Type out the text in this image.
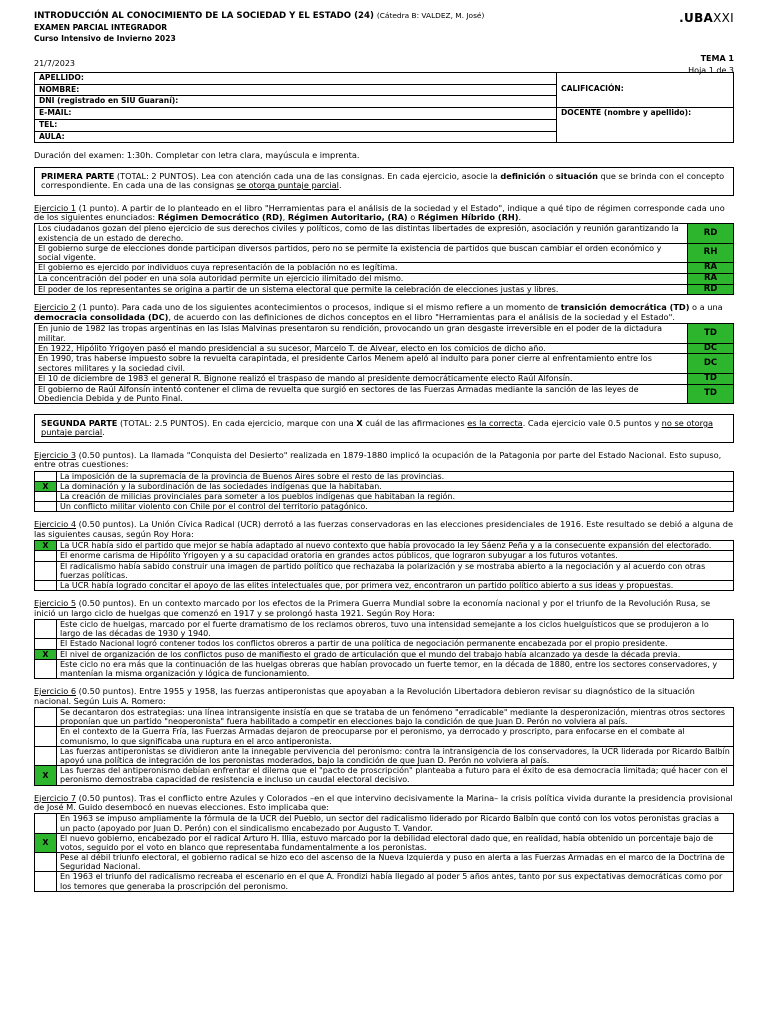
INTRODUCCIÓN AL CONOCIMIENTO DE LA SOCIEDAD Y EL ESTADO (24) (Cátedra B: VALDEZ, M. José)
EXAMEN PARCIAL INTEGRADOR
Curso Intensivo de Invierno 2023
21/7/2023
.UBAXXI
TEMA 1
Hoja 1 de 3
APELLIDO:	CALIFICACIÓN:
NOMBRE:	
DNI (registrado en SIU Guaraní):	
E-MAIL:	DOCENTE (nombre y apellido):
TEL:	
AULA:	
Duración del examen: 1:30h. Completar con letra clara, mayúscula e imprenta.
PRIMERA PARTE (TOTAL: 2 PUNTOS). Lea con atención cada una de las consignas. En cada ejercicio, asocie la definición o situación que se brinda con el concepto correspondiente. En cada una de las consignas se otorga puntaje parcial.
Ejercicio 1 (1 punto). A partir de lo planteado en el libro "Herramientas para el análisis de la sociedad y el Estado", indique a qué tipo de régimen corresponde cada uno de los siguientes enunciados: Régimen Democrático (RD), Régimen Autoritario, (RA) o Régimen Híbrido (RH).
Los ciudadanos gozan del pleno ejercicio de sus derechos civiles y políticos, como de las distintas libertades de expresión, asociación y reunión garantizando la existencia de un estado de derecho.	RD
El gobierno surge de elecciones donde participan diversos partidos, pero no se permite la existencia de partidos que buscan cambiar el orden económico y social vigente.	RH
El gobierno es ejercido por individuos cuya representación de la población no es legítima.	RA
La concentración del poder en una sola autoridad permite un ejercicio ilimitado del mismo.	RA
El poder de los representantes se origina a partir de un sistema electoral que permite la celebración de elecciones justas y libres.	RD
Ejercicio 2 (1 punto). Para cada uno de los siguientes acontecimientos o procesos, indique si el mismo refiere a un momento de transición democrática (TD) o a una democracia consolidada (DC), de acuerdo con las definiciones de dichos conceptos en el libro "Herramientas para el análisis de la sociedad y el Estado".
En junio de 1982 las tropas argentinas en las Islas Malvinas presentaron su rendición, provocando un gran desgaste irreversible en el poder de la dictadura militar.	TD
En 1922, Hipólito Yrigoyen pasó el mando presidencial a su sucesor, Marcelo T. de Alvear, electo en los comicios de dicho año.	DC
En 1990, tras haberse impuesto sobre la revuelta carapintada, el presidente Carlos Menem apeló al indulto para poner cierre al enfrentamiento entre los sectores militares y la sociedad civil.	DC
El 10 de diciembre de 1983 el general R. Bignone realizó el traspaso de mando al presidente democráticamente electo Raúl Alfonsín.	TD
El gobierno de Raúl Alfonsín intentó contener el clima de revuelta que surgió en sectores de las Fuerzas Armadas mediante la sanción de las leyes de Obediencia Debida y de Punto Final.	TD
SEGUNDA PARTE (TOTAL: 2.5 PUNTOS). En cada ejercicio, marque con una X cuál de las afirmaciones es la correcta. Cada ejercicio vale 0.5 puntos y no se otorga puntaje parcial.
Ejercicio 3 (0.50 puntos). La llamada "Conquista del Desierto" realizada en 1879-1880 implicó la ocupación de la Patagonia por parte del Estado Nacional. Esto supuso, entre otras cuestiones:
	La imposición de la supremacía de la provincia de Buenos Aires sobre el resto de las provincias.
X	La dominación y la subordinación de las sociedades indígenas que la habitaban.
	La creación de milicias provinciales para someter a los pueblos indígenas que habitaban la región.
	Un conflicto militar violento con Chile por el control del territorio patagónico.
Ejercicio 4 (0.50 puntos). La Unión Cívica Radical (UCR) derrotó a las fuerzas conservadoras en las elecciones presidenciales de 1916. Este resultado se debió a alguna de las siguientes causas, según Roy Hora:
X	La UCR había sido el partido que mejor se había adaptado al nuevo contexto que había provocado la ley Sáenz Peña y a la consecuente expansión del electorado.
	El enorme carisma de Hipólito Yrigoyen y a su capacidad oratoria en grandes actos públicos, que lograron subyugar a los futuros votantes.
	El radicalismo había sabido construir una imagen de partido político que rechazaba la polarización y se mostraba abierto a la negociación y al acuerdo con otras fuerzas políticas.
	La UCR había logrado concitar el apoyo de las elites intelectuales que, por primera vez, encontraron un partido político abierto a sus ideas y propuestas.
Ejercicio 5 (0.50 puntos). En un contexto marcado por los efectos de la Primera Guerra Mundial sobre la economía nacional y por el triunfo de la Revolución Rusa, se inició un largo ciclo de huelgas que comenzó en 1917 y se prolongó hasta 1921. Según Roy Hora:
	Este ciclo de huelgas, marcado por el fuerte dramatismo de los reclamos obreros, tuvo una intensidad semejante a los ciclos huelguísticos que se produjeron a lo largo de las décadas de 1930 y 1940.
	El Estado Nacional logró contener todos los conflictos obreros a partir de una política de negociación permanente encabezada por el propio presidente.
X	El nivel de organización de los conflictos puso de manifiesto el grado de articulación que el mundo del trabajo había alcanzado ya desde la década previa.
	Este ciclo no era más que la continuación de las huelgas obreras que habían provocado un fuerte temor, en la década de 1880, entre los sectores conservadores, y mantenían la misma organización y lógica de funcionamiento.
Ejercicio 6 (0.50 puntos). Entre 1955 y 1958, las fuerzas antiperonistas que apoyaban a la Revolución Libertadora debieron revisar su diagnóstico de la situación nacional. Según Luis A. Romero:
	Se decantaron dos estrategias: una línea intransigente insistía en que se trataba de un fenómeno "erradicable" mediante la desperonización, mientras otros sectores proponían que un partido "neoperonista" fuera habilitado a competir en elecciones bajo la condición de que Juan D. Perón no volviera al país.
	En el contexto de la Guerra Fría, las Fuerzas Armadas dejaron de preocuparse por el peronismo, ya derrocado y proscripto, para enfocarse en el combate al comunismo, lo que significaba una ruptura en el arco antiperonista.
	Las fuerzas antiperonistas se dividieron ante la innegable pervivencia del peronismo: contra la intransigencia de los conservadores, la UCR liderada por Ricardo Balbín apoyó una política de integración de los peronistas moderados, bajo la condición de que Juan D. Perón no volviera al país.
X	Las fuerzas del antiperonismo debían enfrentar el dilema que el "pacto de proscripción" planteaba a futuro para el éxito de esa democracia limitada; qué hacer con el peronismo demostraba capacidad de resistencia e incluso un caudal electoral decisivo.
Ejercicio 7 (0.50 puntos). Tras el conflicto entre Azules y Colorados –en el que intervino decisivamente la Marina– la crisis política vivida durante la presidencia provisional de José M. Guido desembocó en nuevas elecciones. Esto implicaba que:
	En 1963 se impuso ampliamente la fórmula de la UCR del Pueblo, un sector del radicalismo liderado por Ricardo Balbín que contó con los votos peronistas gracias a un pacto (apoyado por Juan D. Perón) con el sindicalismo encabezado por Augusto T. Vandor.
X	El nuevo gobierno, encabezado por el radical Arturo H. Illia, estuvo marcado por la debilidad electoral dado que, en realidad, había obtenido un porcentaje bajo de votos, seguido por el voto en blanco que representaba fundamentalmente a los peronistas.
	Pese al débil triunfo electoral, el gobierno radical se hizo eco del ascenso de la Nueva Izquierda y puso en alerta a las Fuerzas Armadas en el marco de la Doctrina de Seguridad Nacional.
	En 1963 el triunfo del radicalismo recreaba el escenario en el que A. Frondizi había llegado al poder 5 años antes, tanto por sus expectativas democráticas como por los temores que generaba la proscripción del peronismo.
